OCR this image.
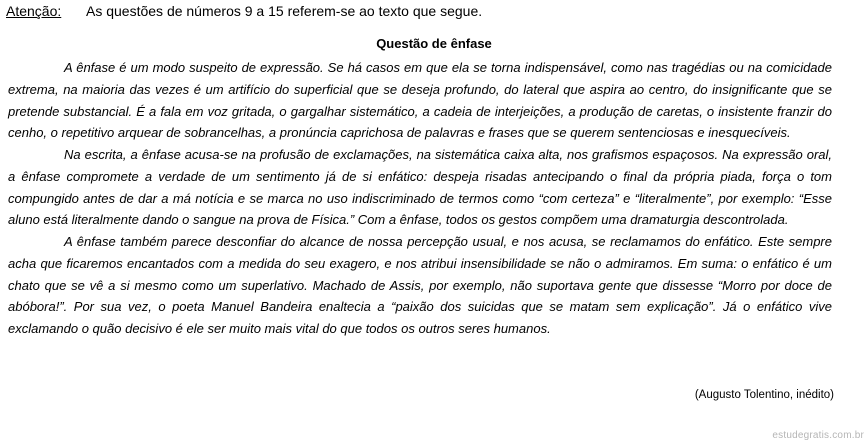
Atenção: As questões de números 9 a 15 referem-se ao texto que segue.
Questão de ênfase

A ênfase é um modo suspeito de expressão. Se há casos em que ela se torna indispensável, como nas tragédias ou na comicidade extrema, na maioria das vezes é um artifício do superficial que se deseja profundo, do lateral que aspira ao centro, do insignificante que se pretende substancial. É a fala em voz gritada, o gargalhar sistemático, a cadeia de interjeições, a produção de caretas, o insistente franzir do cenho, o repetitivo arquear de sobrancelhas, a pronúncia caprichosa de palavras e frases que se querem sentenciosas e inesquecíveis.

Na escrita, a ênfase acusa-se na profusão de exclamações, na sistemática caixa alta, nos grafismos espaçosos. Na expressão oral, a ênfase compromete a verdade de um sentimento já de si enfático: despeja risadas antecipando o final da própria piada, força o tom compungido antes de dar a má notícia e se marca no uso indiscriminado de termos como “com certeza” e “literalmente”, por exemplo: “Esse aluno está literalmente dando o sangue na prova de Física.” Com a ênfase, todos os gestos compõem uma dramaturgia descontrolada.

A ênfase também parece desconfiar do alcance de nossa percepção usual, e nos acusa, se reclamamos do enfático. Este sempre acha que ficaremos encantados com a medida do seu exagero, e nos atribui insensibilidade se não o admiramos. Em suma: o enfático é um chato que se vê a si mesmo como um superlativo. Machado de Assis, por exemplo, não suportava gente que dissesse “Morro por doce de abóbora!”. Por sua vez, o poeta Manuel Bandeira enaltecia a “paixão dos suicidas que se matam sem explicação”. Já o enfático vive exclamando o quão decisivo é ele ser muito mais vital do que todos os outros seres humanos.

(Augusto Tolentino, inédito)
estudegratis.com.br
